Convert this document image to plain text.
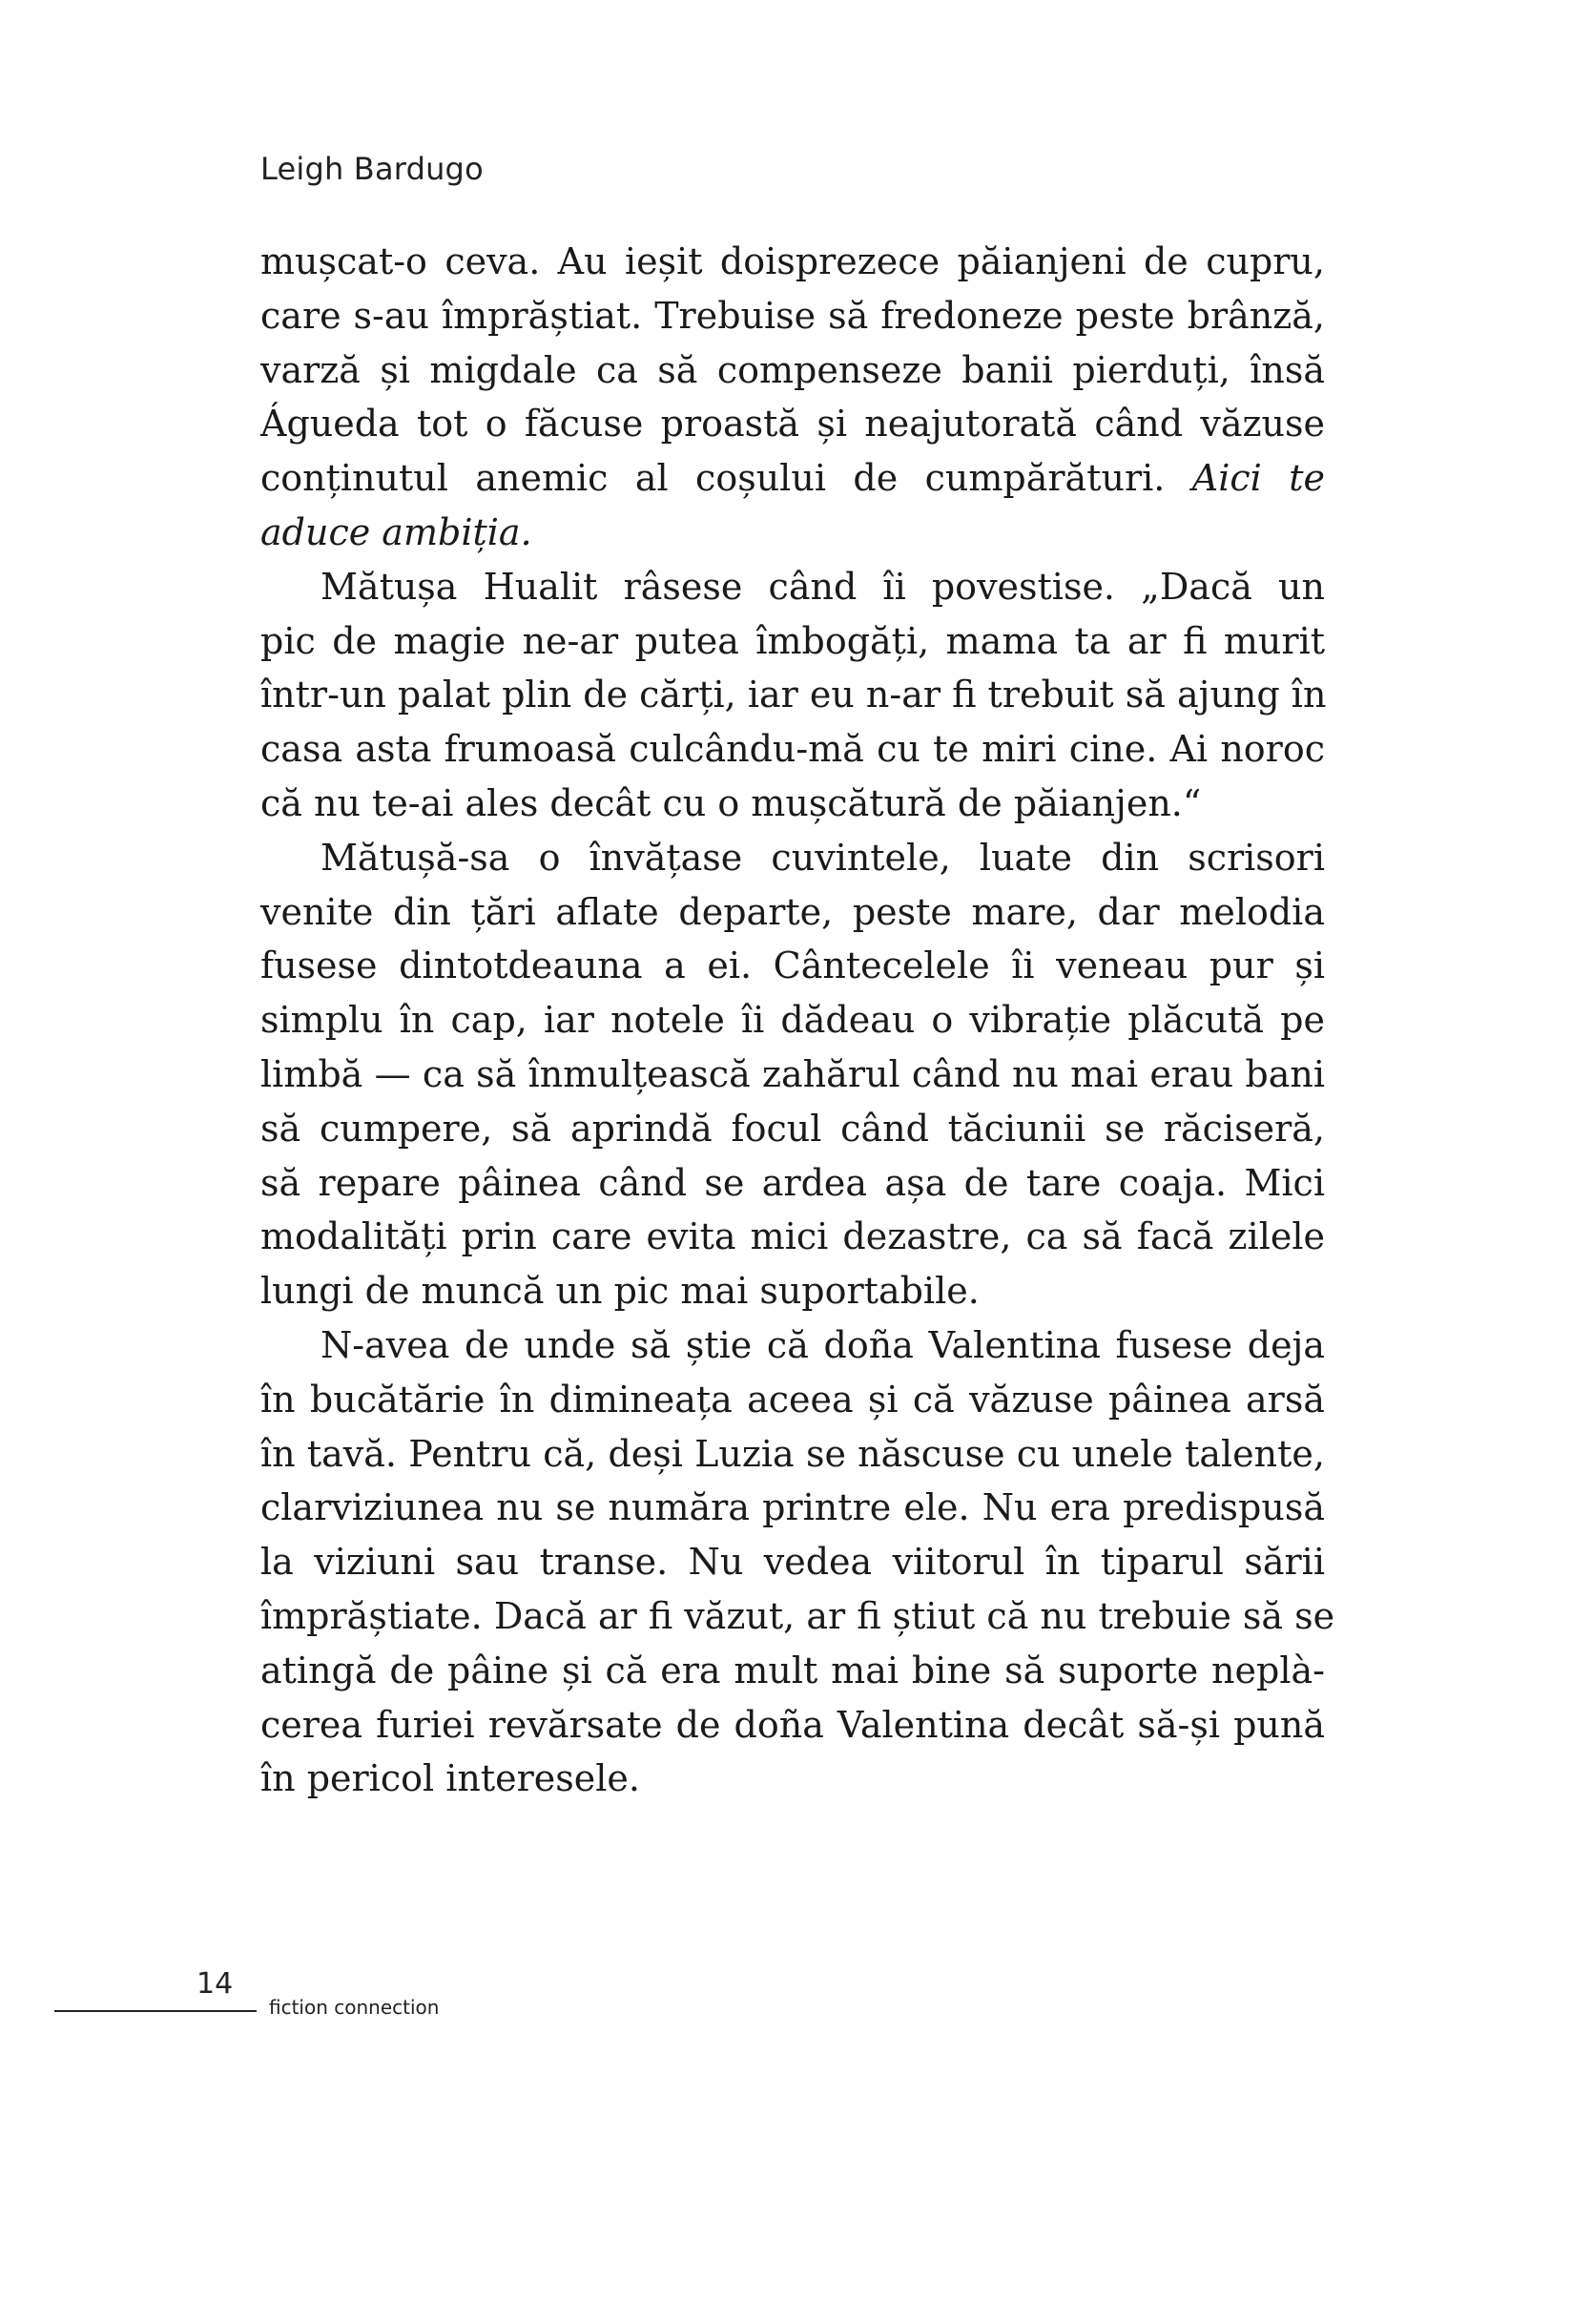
Leigh Bardugo
mușcat-o ceva. Au ieșit doisprezece păianjeni de cupru,
care s-au împrăștiat. Trebuise să fredoneze peste brânză,
varză și migdale ca să compenseze banii pierduți, însă
Águeda tot o făcuse proastă și neajutorată când văzuse
conținutul anemic al coșului de cumpărături. Aici te
aduce ambiția.
Mătușa Hualit râsese când îi povestise. „Dacă un
pic de magie ne-ar putea îmbogăți, mama ta ar fi murit
într-un palat plin de cărți, iar eu n-ar fi trebuit să ajung în
casa asta frumoasă culcându-mă cu te miri cine. Ai noroc
că nu te-ai ales decât cu o mușcătură de păianjen.“
Mătușă-sa o învățase cuvintele, luate din scrisori
venite din țări aflate departe, peste mare, dar melodia
fusese dintotdeauna a ei. Cântecelele îi veneau pur și
simplu în cap, iar notele îi dădeau o vibrație plăcută pe
limbă — ca să înmulțească zahărul când nu mai erau bani
să cumpere, să aprindă focul când tăciunii se răciseră,
să repare pâinea când se ardea așa de tare coaja. Mici
modalități prin care evita mici dezastre, ca să facă zilele
lungi de muncă un pic mai suportabile.
N-avea de unde să știe că doña Valentina fusese deja
în bucătărie în dimineața aceea și că văzuse pâinea arsă
în tavă. Pentru că, deși Luzia se născuse cu unele talente,
clarviziunea nu se număra printre ele. Nu era predispusă
la viziuni sau transe. Nu vedea viitorul în tiparul sării
împrăștiate. Dacă ar fi văzut, ar fi știut că nu trebuie să se
atingă de pâine și că era mult mai bine să suporte neplà-
cerea furiei revărsate de doña Valentina decât să-și pună
în pericol interesele.
14
fiction connection
